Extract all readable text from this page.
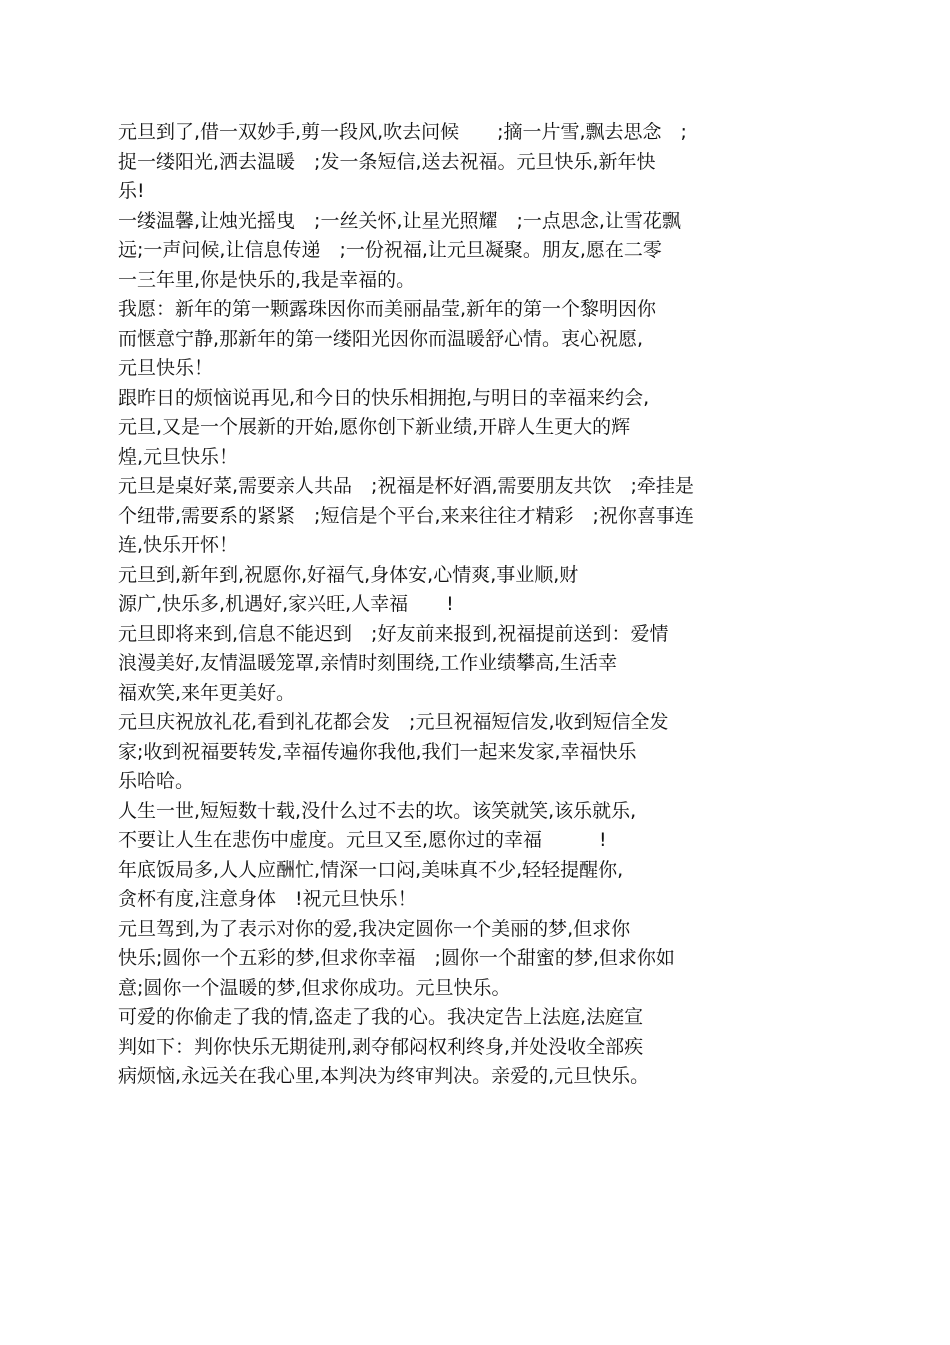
元旦到了,借一双妙手,剪一段风,吹去问候　　;摘一片雪,飘去思念　;
捉一缕阳光,洒去温暖　;发一条短信,送去祝福。元旦快乐,新年快
乐!
一缕温馨,让烛光摇曳　;一丝关怀,让星光照耀　;一点思念,让雪花飘
远;一声问候,让信息传递　;一份祝福,让元旦凝聚。朋友,愿在二零
一三年里,你是快乐的,我是幸福的。
我愿：新年的第一颗露珠因你而美丽晶莹,新年的第一个黎明因你
而惬意宁静,那新年的第一缕阳光因你而温暖舒心情。衷心祝愿,
元旦快乐！
跟昨日的烦恼说再见,和今日的快乐相拥抱,与明日的幸福来约会,
元旦,又是一个展新的开始,愿你创下新业绩,开辟人生更大的辉
煌,元旦快乐！
元旦是桌好菜,需要亲人共品　;祝福是杯好酒,需要朋友共饮　;牵挂是
个纽带,需要系的紧紧　;短信是个平台,来来往往才精彩　;祝你喜事连
连,快乐开怀！
元旦到,新年到,祝愿你,好福气,身体安,心情爽,事业顺,财
源广,快乐多,机遇好,家兴旺,人幸福　　!
元旦即将来到,信息不能迟到　;好友前来报到,祝福提前送到：爱情
浪漫美好,友情温暖笼罩,亲情时刻围绕,工作业绩攀高,生活幸
福欢笑,来年更美好。
元旦庆祝放礼花,看到礼花都会发　;元旦祝福短信发,收到短信全发
家;收到祝福要转发,幸福传遍你我他,我们一起来发家,幸福快乐
乐哈哈。
人生一世,短短数十载,没什么过不去的坎。该笑就笑,该乐就乐,
不要让人生在悲伤中虚度。元旦又至,愿你过的幸福　　　!
年底饭局多,人人应酬忙,情深一口闷,美味真不少,轻轻提醒你,
贪杯有度,注意身体　!祝元旦快乐！
元旦驾到,为了表示对你的爱,我决定圆你一个美丽的梦,但求你
快乐;圆你一个五彩的梦,但求你幸福　;圆你一个甜蜜的梦,但求你如
意;圆你一个温暖的梦,但求你成功。元旦快乐。
可爱的你偷走了我的情,盗走了我的心。我决定告上法庭,法庭宣
判如下：判你快乐无期徒刑,剥夺郁闷权利终身,并处没收全部疾
病烦恼,永远关在我心里,本判决为终审判决。亲爱的,元旦快乐。
